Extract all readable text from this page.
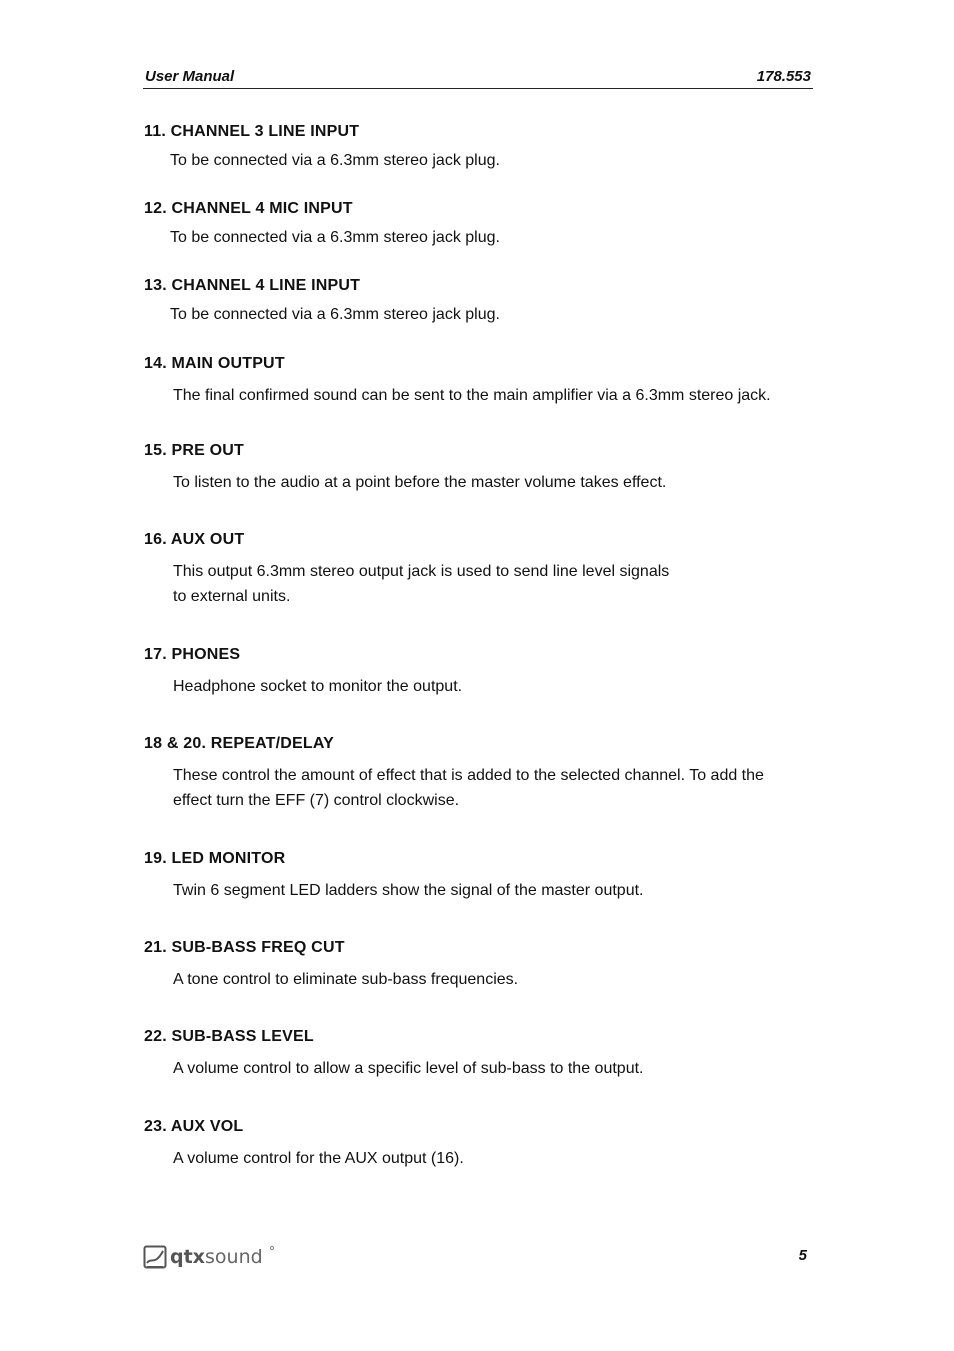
User Manual	178.553
11. CHANNEL 3 LINE INPUT

To be connected via a 6.3mm stereo jack plug.

12. CHANNEL 4 MIC INPUT

To be connected via a 6.3mm stereo jack plug.

13. CHANNEL 4 LINE INPUT

To be connected via a 6.3mm stereo jack plug.

14. MAIN OUTPUT

The final confirmed sound can be sent to the main amplifier via a 6.3mm stereo jack.

15. PRE OUT

To listen to the audio at a point before the master volume takes effect.

16. AUX OUT

This output 6.3mm stereo output jack is used to send line level signals

to external units.

17. PHONES

Headphone socket to monitor the output.

18 & 20. REPEAT/DELAY

These control the amount of effect that is added to the selected channel. To add the

effect turn the EFF (7) control clockwise.

19. LED MONITOR

Twin 6 segment LED ladders show the signal of the master output.

21. SUB-BASS FREQ CUT

A tone control to eliminate sub-bass frequencies.

22. SUB-BASS LEVEL

A volume control to allow a specific level of sub-bass to the output.

23. AUX VOL

A volume control for the AUX output (16).

qtx sound	5
